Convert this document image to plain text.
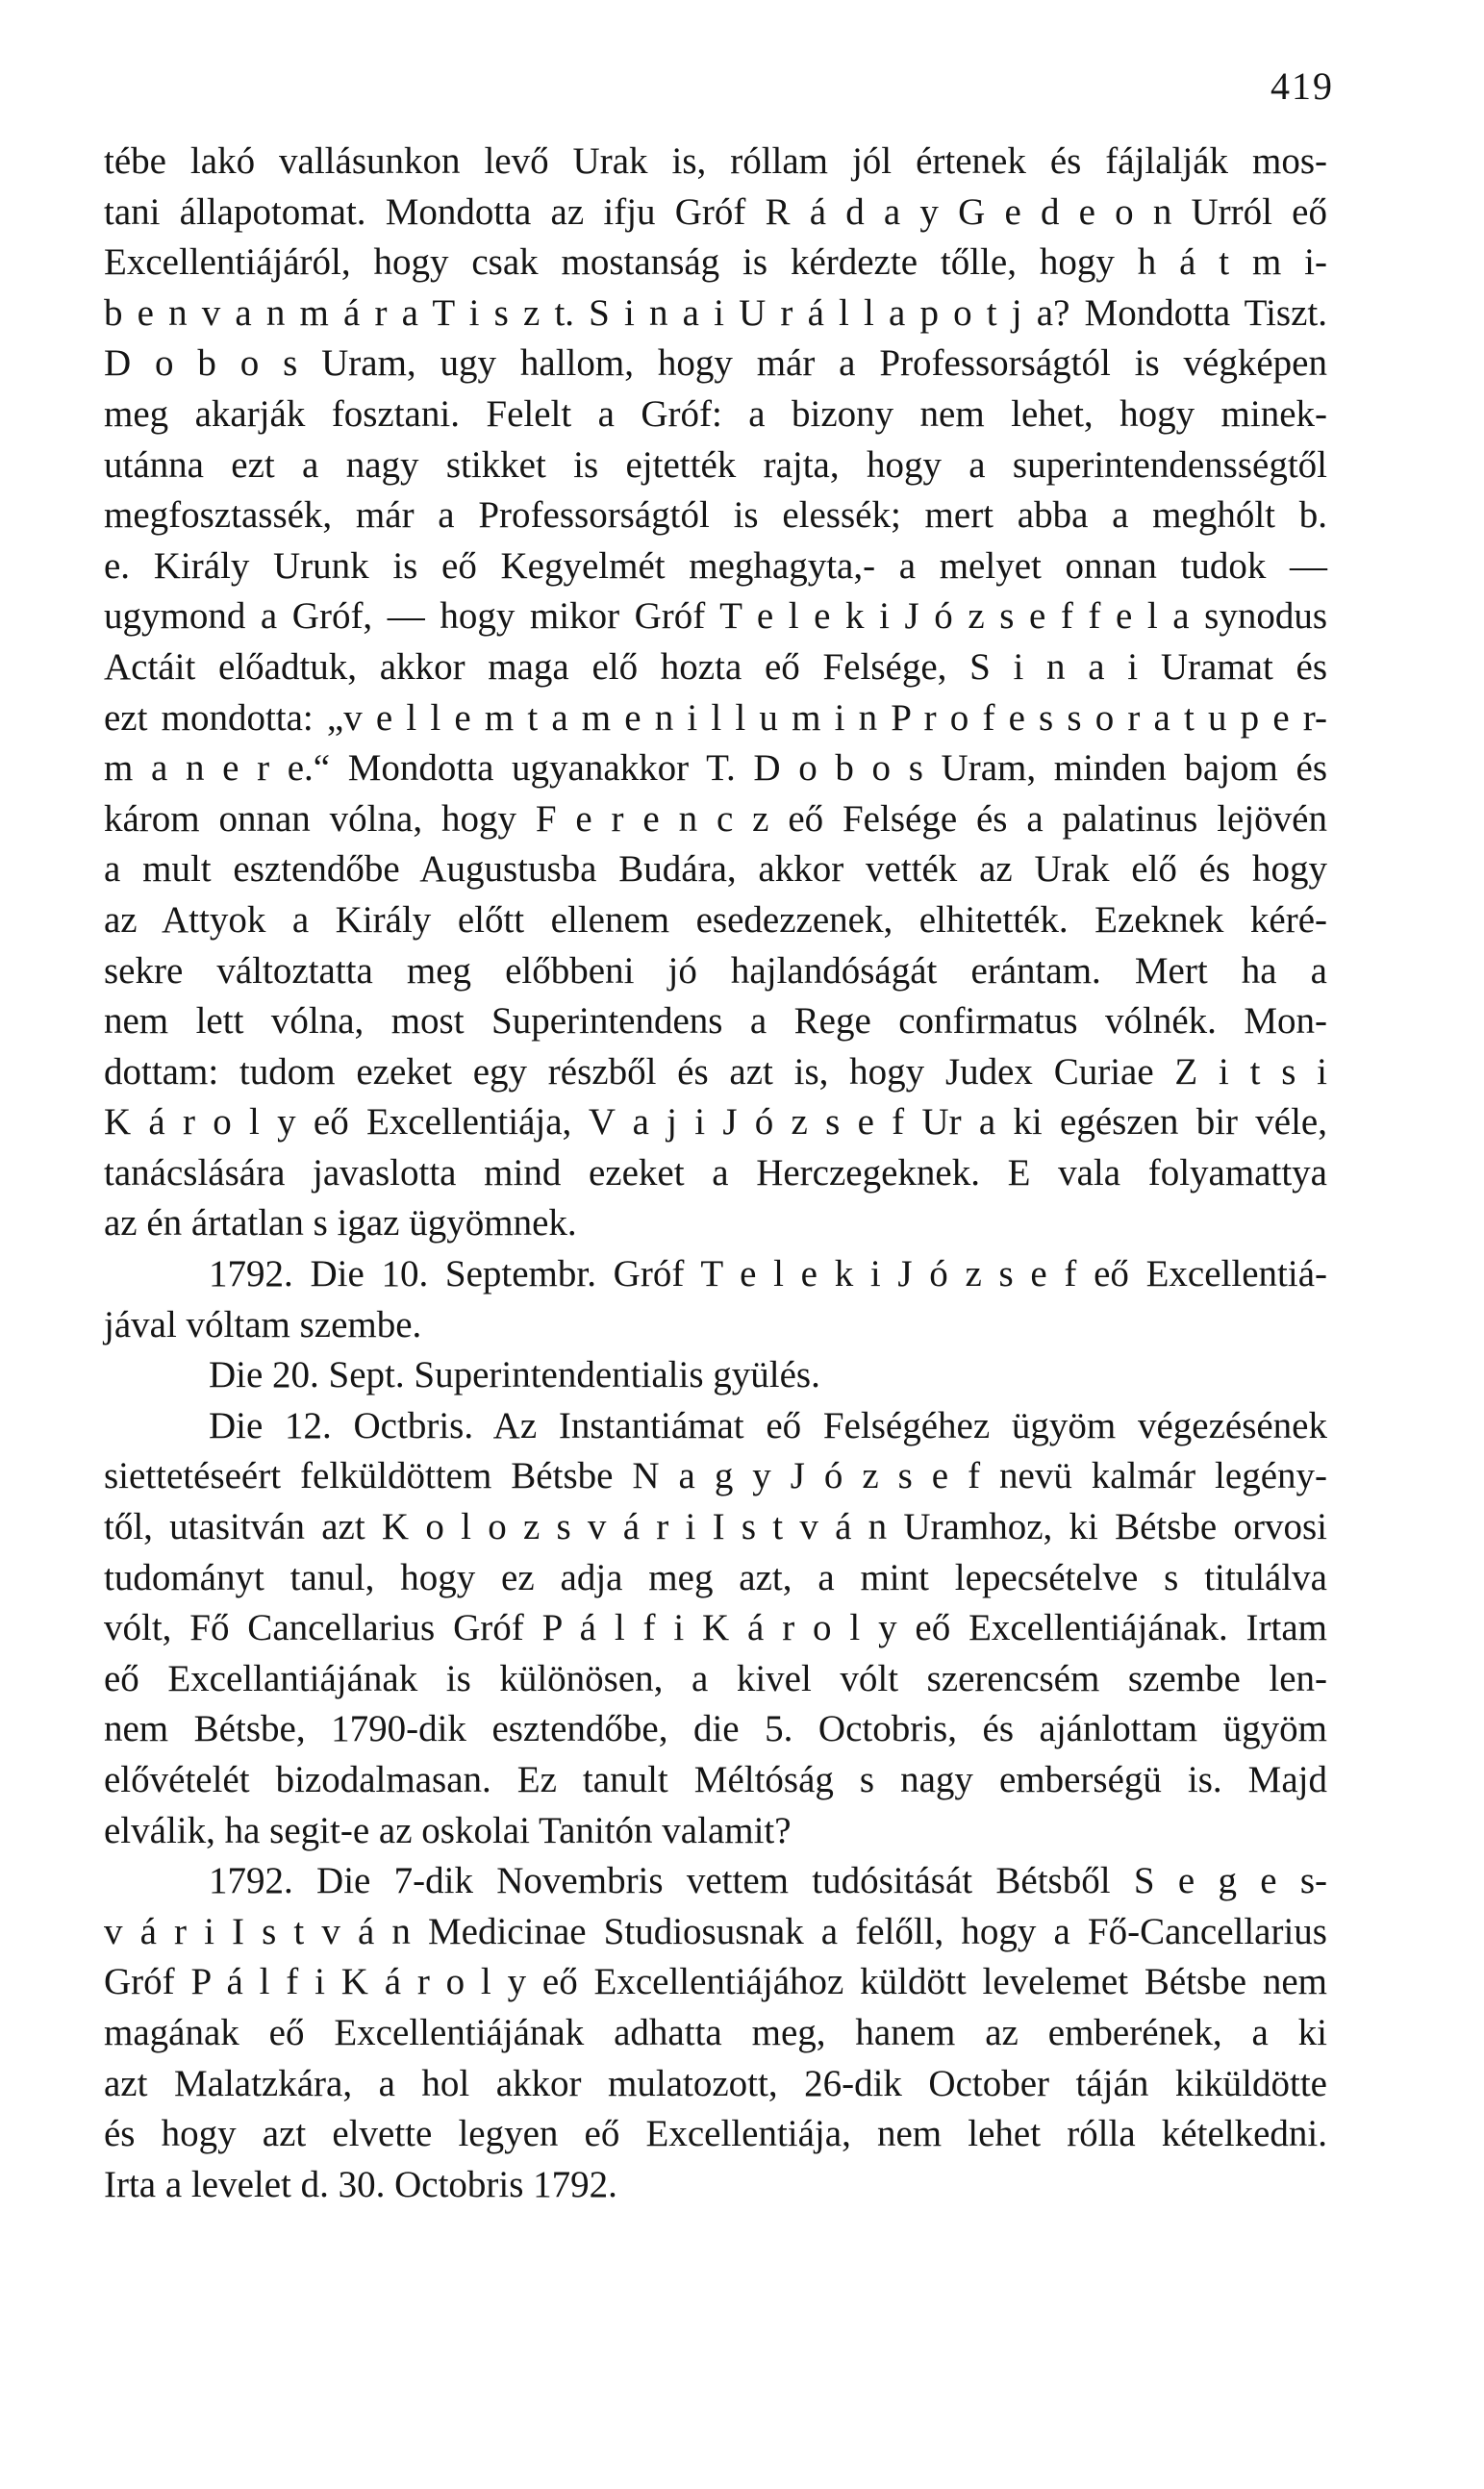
419
tébe lakó vallásunkon levő Urak is, róllam jól értenek és fájlalják mos-
tani állapotomat. Mondotta az ifju Gróf R á d a y G e d e o n Urról eő
Excellentiájáról, hogy csak mostanság is kérdezte tőlle, hogy h á t m i-
b e n v a n m á r a T i s z t. S i n a i U r á l l a p o t j a? Mondotta Tiszt.
D o b o s Uram, ugy hallom, hogy már a Professorságtól is végképen
meg akarják fosztani. Felelt a Gróf: a bizony nem lehet, hogy minek-
utánna ezt a nagy stikket is ejtették rajta, hogy a superintendensségtől
megfosztassék, már a Professorságtól is elessék; mert abba a meghólt b.
e. Király Urunk is eő Kegyelmét meghagyta,- a melyet onnan tudok —
ugymond a Gróf, — hogy mikor Gróf T e l e k i J ó z s e f f e l a synodus
Actáit előadtuk, akkor maga elő hozta eő Felsége, S i n a i Uramat és
ezt mondotta: „v e l l e m t a m e n i l l u m i n P r o f e s s o r a t u p e r-
m a n e r e.“ Mondotta ugyanakkor T. D o b o s Uram, minden bajom és
károm onnan vólna, hogy F e r e n c z eő Felsége és a palatinus lejövén
a mult esztendőbe Augustusba Budára, akkor vették az Urak elő és hogy
az Attyok a Király előtt ellenem esedezzenek, elhitették. Ezeknek kéré-
sekre változtatta meg előbbeni jó hajlandóságát erántam. Mert ha a
nem lett vólna, most Superintendens a Rege confirmatus vólnék. Mon-
dottam: tudom ezeket egy részből és azt is, hogy Judex Curiae Z i t s i
K á r o l y eő Excellentiája, V a j i J ó z s e f Ur a ki egészen bir véle,
tanácslására javaslotta mind ezeket a Herczegeknek. E vala folyamattya
az én ártatlan s igaz ügyömnek.
1792. Die 10. Septembr. Gróf T e l e k i J ó z s e f eő Excellentiá-
jával vóltam szembe.
Die 20. Sept. Superintendentialis gyülés.
Die 12. Octbris. Az Instantiámat eő Felségéhez ügyöm végezésének
siettetéseért felküldöttem Bétsbe N a g y J ó z s e f nevü kalmár legény-
től, utasitván azt K o l o z s v á r i I s t v á n Uramhoz, ki Bétsbe orvosi
tudományt tanul, hogy ez adja meg azt, a mint lepecsételve s titulálva
vólt, Fő Cancellarius Gróf P á l f i K á r o l y eő Excellentiájának. Irtam
eő Excellantiájának is különösen, a kivel vólt szerencsém szembe len-
nem Bétsbe, 1790-dik esztendőbe, die 5. Octobris, és ajánlottam ügyöm
elővételét bizodalmasan. Ez tanult Méltóság s nagy emberségü is. Majd
elválik, ha segit-e az oskolai Tanitón valamit?
1792. Die 7-dik Novembris vettem tudósitását Bétsből S e g e s-
v á r i I s t v á n Medicinae Studiosusnak a felőll, hogy a Fő-Cancellarius
Gróf P á l f i K á r o l y eő Excellentiájához küldött levelemet Bétsbe nem
magának eő Excellentiájának adhatta meg, hanem az emberének, a ki
azt Malatzkára, a hol akkor mulatozott, 26-dik October táján kiküldötte
és hogy azt elvette legyen eő Excellentiája, nem lehet rólla kételkedni.
Irta a levelet d. 30. Octobris 1792.
